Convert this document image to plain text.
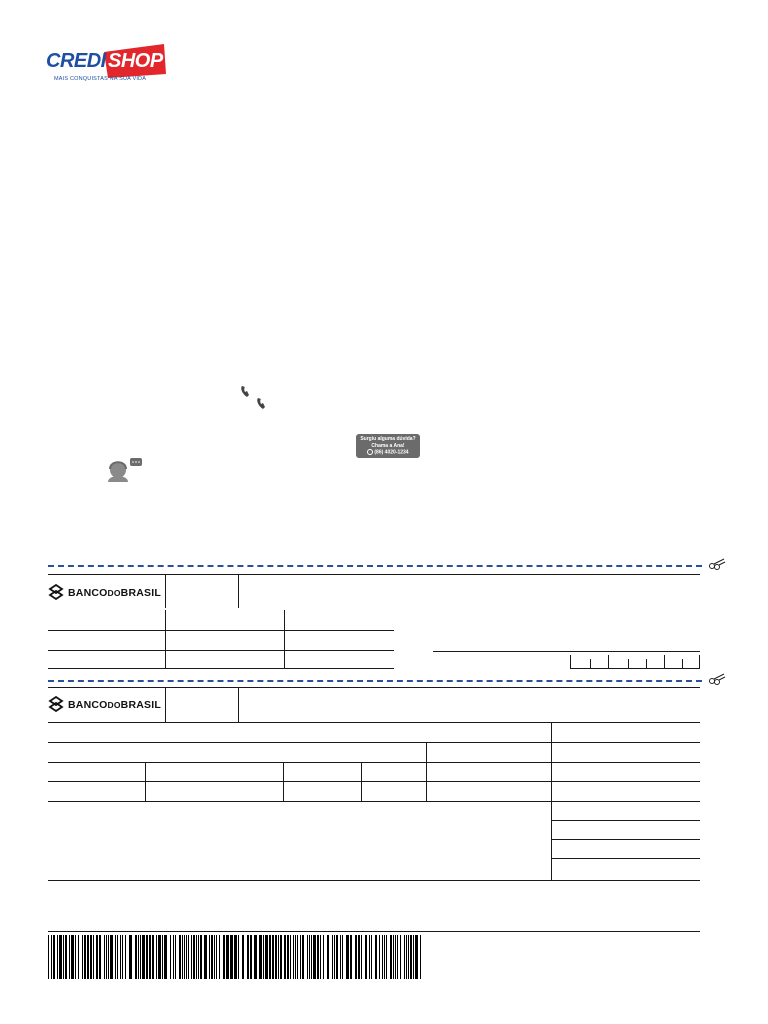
CREDI SHOP
MAIS CONQUISTAS NA SUA VIDA
Surgiu alguma dúvida?
Chama a Ana!
(86) 4020-1234
BANCODOBRASIL
BANCODOBRASIL
